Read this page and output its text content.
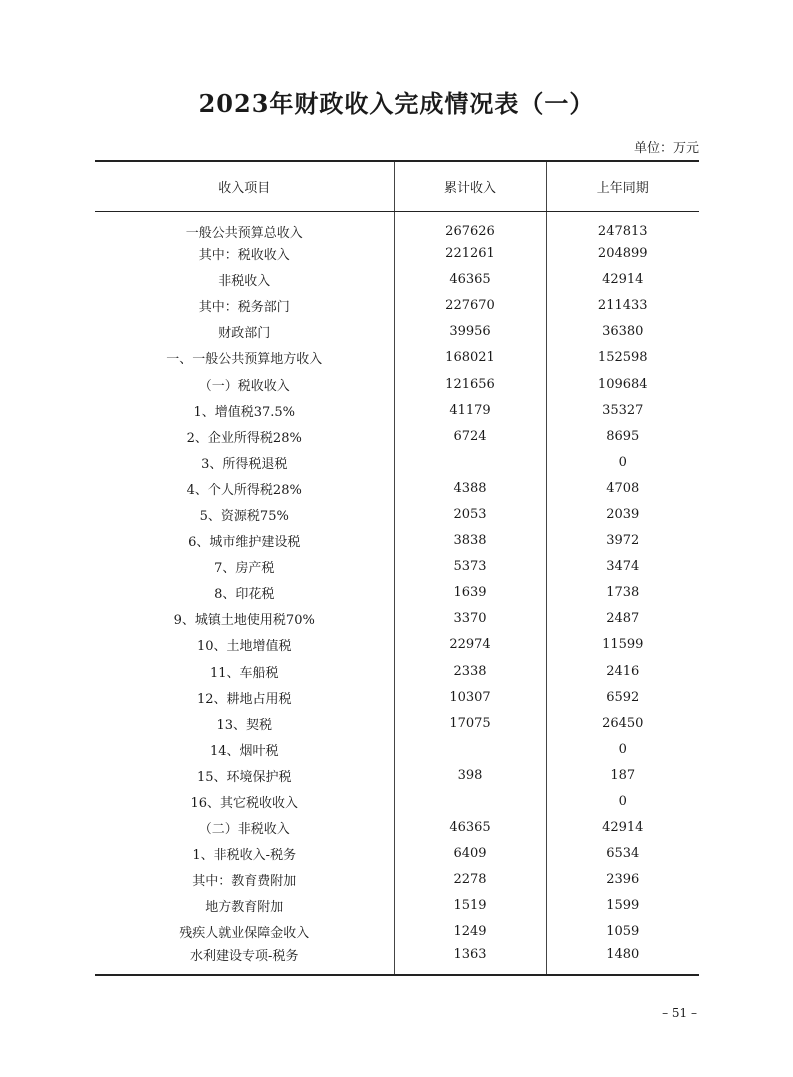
2023年财政收入完成情况表（一）
单位：万元
收入项目	累计收入	上年同期
一般公共预算总收入	267626	247813
其中：税收收入	221261	204899
非税收入	46365	42914
其中：税务部门	227670	211433
财政部门	39956	36380
一、一般公共预算地方收入	168021	152598
（一）税收收入	121656	109684
1、增值税37.5%	41179	35327
2、企业所得税28%	6724	8695
3、所得税退税		0
4、个人所得税28%	4388	4708
5、资源税75%	2053	2039
6、城市维护建设税	3838	3972
7、房产税	5373	3474
8、印花税	1639	1738
9、城镇土地使用税70%	3370	2487
10、土地增值税	22974	11599
11、车船税	2338	2416
12、耕地占用税	10307	6592
13、契税	17075	26450
14、烟叶税		0
15、环境保护税	398	187
16、其它税收收入		0
（二）非税收入	46365	42914
1、非税收入-税务	6409	6534
其中：教育费附加	2278	2396
地方教育附加	1519	1599
残疾人就业保障金收入	1249	1059
水利建设专项-税务	1363	1480
– 51 –
